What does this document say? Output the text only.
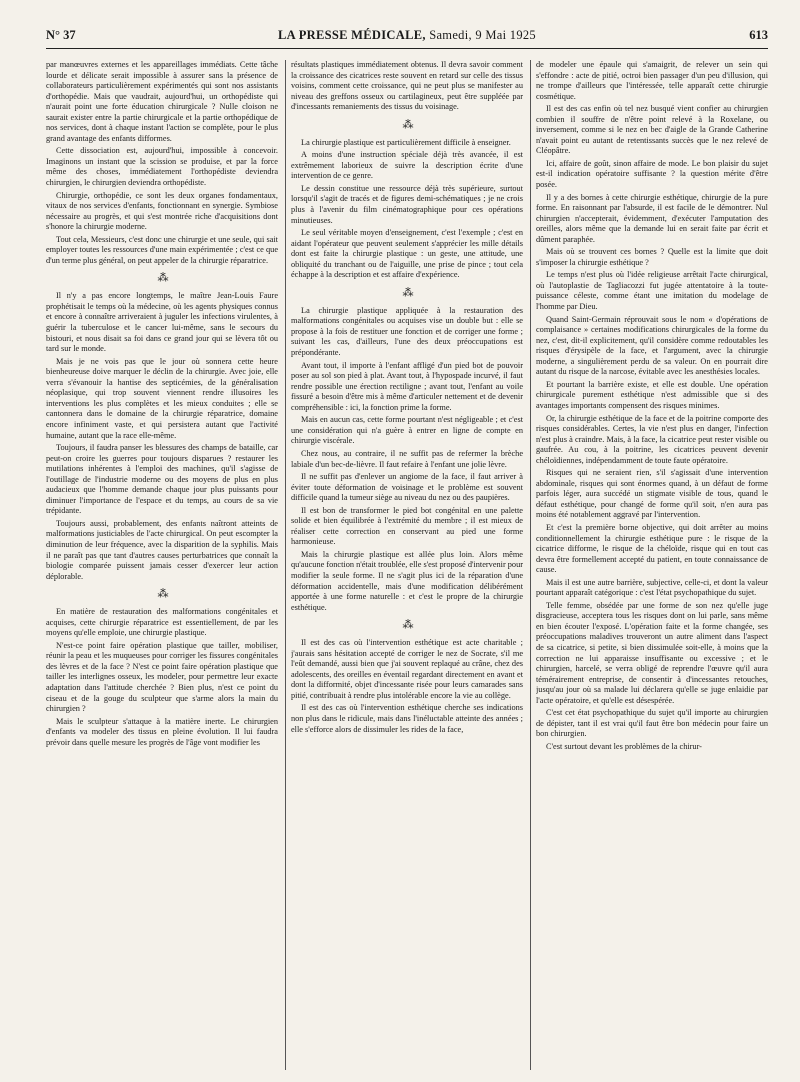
N° 37	LA PRESSE MÉDICALE, Samedi, 9 Mai 1925	613

par manœuvres externes et les appareillages immédiats. Cette tâche lourde et délicate serait impossible à assurer sans la présence de collaborateurs particulièrement expérimentés qui sont nos assistants d'orthopédie. Mais que vaudrait, aujourd'hui, un orthopédiste qui n'aurait point une forte éducation chirurgicale ? Nulle cloison ne saurait exister entre la partie chirurgicale et la partie orthopédique de nos services, dont à chaque instant l'action se complète, pour le plus grand avantage des enfants difformes.

Cette dissociation est, aujourd'hui, impossible à concevoir. Imaginons un instant que la scission se produise, et par la force même des choses, immédiatement l'orthopédiste deviendra chirurgien, le chirurgien deviendra orthopédiste.

Chirurgie, orthopédie, ce sont les deux organes fondamentaux, vitaux de nos services d'enfants, fonctionnant en synergie. Symbiose nécessaire au progrès, et qui s'est montrée riche d'acquisitions dont s'honore la chirurgie moderne.

Tout cela, Messieurs, c'est donc une chirurgie et une seule, qui sait employer toutes les ressources d'une main expérimentée ; c'est ce que d'un terme plus général, on peut appeler de la chirurgie réparatrice.

⁂

Il n'y a pas encore longtemps, le maître Jean-Louis Faure prophétisait le temps où la médecine, où les agents physiques connus et encore à connaître arriveraient à juguler les infections virulentes, à guérir la tuberculose et le cancer lui-même, sans le secours du bistouri, et nous disait sa foi dans ce grand jour qui se lèvera tôt ou tard sur le monde.

Mais je ne vois pas que le jour où sonnera cette heure bienheureuse doive marquer le déclin de la chirurgie. Avec joie, elle verra s'évanouir la hantise des septicémies, de la généralisation néoplasique, qui trop souvent viennent rendre illusoires les interventions les plus complètes et les mieux conduites ; elle se cantonnera dans le domaine de la chirurgie réparatrice, domaine encore infiniment vaste, et qui persistera autant que l'activité humaine, autant que la race elle-même.

Toujours, il faudra panser les blessures des champs de bataille, car peut-on croire les guerres pour toujours disparues ? restaurer les mutilations inhérentes à l'emploi des machines, qu'il s'agisse de l'outillage de l'industrie moderne ou des moyens de plus en plus audacieux que l'homme demande chaque jour plus puissants pour diminuer l'importance de l'espace et du temps, au cours de sa vie trépidante.

Toujours aussi, probablement, des enfants naîtront atteints de malformations justiciables de l'acte chirurgical. On peut escompter la diminution de leur fréquence, avec la disparition de la syphilis. Mais il ne paraît pas que tant d'autres causes perturbatrices que connaît la biologie comparée puissent jamais cesser d'exercer leur action déplorable.

⁂

En matière de restauration des malformations congénitales et acquises, cette chirurgie réparatrice est essentiellement, de par les moyens qu'elle emploie, une chirurgie plastique.

N'est-ce point faire opération plastique que tailler, mobiliser, réunir la peau et les muqueuses pour corriger les fissures congénitales des lèvres et de la face ? N'est ce point faire opération plastique que tailler les interlignes osseux, les modeler, pour permettre leur exacte adaptation dans l'attitude cherchée ? Bien plus, n'est ce point du ciseau et de la gouge du sculpteur que s'arme alors la main du chirurgien ?

Mais le sculpteur s'attaque à la matière inerte. Le chirurgien d'enfants va modeler des tissus en pleine évolution. Il lui faudra prévoir dans quelle mesure les progrès de l'âge vont modifier les

résultats plastiques immédiatement obtenus. Il devra savoir comment la croissance des cicatrices reste souvent en retard sur celle des tissus voisins, comment cette croissance, qui ne peut plus se manifester au niveau des greffons osseux ou cartilagineux, peut être suppléée par d'incessants remaniements des tissus du voisinage.

⁂

La chirurgie plastique est particulièrement difficile à enseigner.

A moins d'une instruction spéciale déjà très avancée, il est extrêmement laborieux de suivre la description écrite d'une intervention de ce genre.

Le dessin constitue une ressource déjà très supérieure, surtout lorsqu'il s'agit de tracés et de figures demi-schématiques ; je ne crois plus à l'avenir du film cinématographique pour ces opérations minutieuses.

Le seul véritable moyen d'enseignement, c'est l'exemple ; c'est en aidant l'opérateur que peuvent seulement s'apprécier les mille détails dont est faite la chirurgie plastique : un geste, une attitude, une obliquité du tranchant ou de l'aiguille, une prise de pince ; tout cela échappe à la description et est affaire d'expérience.

⁂

La chirurgie plastique appliquée à la restauration des malformations congénitales ou acquises vise un double but : elle se propose à la fois de restituer une fonction et de corriger une forme ; suivant les cas, d'ailleurs, l'une des deux préoccupations est prépondérante.

Avant tout, il importe à l'enfant affligé d'un pied bot de pouvoir poser au sol son pied à plat. Avant tout, à l'hypospade incurvé, il faut rendre possible une érection rectiligne ; avant tout, l'enfant au voile fissuré a besoin d'être mis à même d'articuler nettement et de devenir compréhensible : ici, la fonction prime la forme.

Mais en aucun cas, cette forme pourtant n'est négligeable ; et c'est une considération qui n'a guère à entrer en ligne de compte en chirurgie viscérale.

Chez nous, au contraire, il ne suffit pas de refermer la brèche labiale d'un bec-de-lièvre. Il faut refaire à l'enfant une jolie lèvre.

Il ne suffit pas d'enlever un angiome de la face, il faut arriver à éviter toute déformation de voisinage et le problème est souvent difficile quand la tumeur siège au niveau du nez ou des paupières.

Il est bon de transformer le pied bot congénital en une palette solide et bien équilibrée à l'extrémité du membre ; il est mieux de réaliser cette correction en conservant au pied une forme harmonieuse.

Mais la chirurgie plastique est allée plus loin. Alors même qu'aucune fonction n'était troublée, elle s'est proposé d'intervenir pour modifier la seule forme. Il ne s'agit plus ici de la réparation d'une déformation accidentelle, mais d'une modification délibérément apportée à une forme naturelle : et c'est le propre de la chirurgie esthétique.

⁂

Il est des cas où l'intervention esthétique est acte charitable ; j'aurais sans hésitation accepté de corriger le nez de Socrate, s'il me l'eût demandé, aussi bien que j'ai souvent replaqué au crâne, chez des adolescents, des oreilles en éventail regardant directement en avant et dont la difformité, objet d'incessante risée pour leurs camarades sans pitié, contribuait à rendre plus intolérable encore la vie au collège.

Il est des cas où l'intervention esthétique cherche ses indications non plus dans le ridicule, mais dans l'inéluctable atteinte des années ; elle s'efforce alors de dissimuler les rides de la face,

de modeler une épaule qui s'amaigrit, de relever un sein qui s'effondre : acte de pitié, octroi bien passager d'un peu d'illusion, qui ne trompe d'ailleurs que l'intéressée, telle apparaît cette chirurgie cosmétique.

Il est des cas enfin où tel nez busqué vient confier au chirurgien combien il souffre de n'être point relevé à la Roxelane, ou inversement, comme si le nez en bec d'aigle de la Grande Catherine n'avait point eu autant de retentissants succès que le nez relevé de Cléopâtre.

Ici, affaire de goût, sinon affaire de mode. Le bon plaisir du sujet est-il indication opératoire suffisante ? la question mérite d'être posée.

Il y a des bornes à cette chirurgie esthétique, chirurgie de la pure forme. En raisonnant par l'absurde, il est facile de le démontrer. Nul chirurgien n'accepterait, évidemment, d'exécuter l'amputation des oreilles, alors même que la demande lui en serait faite par écrit et dûment paraphée.

Mais où se trouvent ces bornes ? Quelle est la limite que doit s'imposer la chirurgie esthétique ?

Le temps n'est plus où l'idée religieuse arrêtait l'acte chirurgical, où l'autoplastie de Tagliacozzi fut jugée attentatoire à la toute-puissance céleste, comme étant une imitation du modelage de l'homme par Dieu.

Quand Saint-Germain réprouvait sous le nom « d'opérations de complaisance » certaines modifications chirurgicales de la forme du nez, c'est, dit-il explicitement, qu'il considère comme redoutables les risques d'érysipèle de la face, et l'argument, avec la chirurgie moderne, a singulièrement perdu de sa valeur. On en pourrait dire autant du risque de la narcose, évitable avec les anesthésies locales.

Et pourtant la barrière existe, et elle est double. Une opération chirurgicale purement esthétique n'est admissible que si des avantages importants compensent des risques minimes.

Or, la chirurgie esthétique de la face et de la poitrine comporte des risques considérables. Certes, la vie n'est plus en danger, l'infection n'est plus à craindre. Mais, à la face, la cicatrice peut rester visible ou gaufrée. Au cou, à la poitrine, les cicatrices peuvent devenir chéloïdiennes, indépendamment de toute faute opératoire.

Risques qui ne seraient rien, s'il s'agissait d'une intervention abdominale, risques qui sont énormes quand, à un défaut de forme parfois léger, aura succédé un stigmate visible de tous, quand le défaut esthétique, pour changé de forme qu'il soit, n'en aura pas moins été notablement aggravé par l'intervention.

Et c'est la première borne objective, qui doit arrêter au moins conditionnellement la chirurgie esthétique pure : le risque de la cicatrice difforme, le risque de la chéloïde, risque qui en tout cas devra être formellement accepté du patient, en toute connaissance de cause.

Mais il est une autre barrière, subjective, celle-ci, et dont la valeur pourtant apparaît catégorique : c'est l'état psychopathique du sujet.

Telle femme, obsédée par une forme de son nez qu'elle juge disgracieuse, acceptera tous les risques dont on lui parle, sans même en bien écouter l'exposé. L'opération faite et la forme changée, ses préoccupations maladives trouveront un autre aliment dans l'aspect de sa cicatrice, si petite, si bien dissimulée soit-elle, à moins que la correction ne lui apparaisse insuffisante ou excessive ; et le chirurgien, harcelé, se verra obligé de reprendre l'œuvre qu'il aura témérairement entreprise, de consentir à d'incessantes retouches, jusqu'au jour où sa malade lui déclarera qu'elle se juge enlaidie par l'acte opératoire, et qu'elle est désespérée.

C'est cet état psychopathique du sujet qu'il importe au chirurgien de dépister, tant il est vrai qu'il faut être bon médecin pour faire un bon chirurgien.

C'est surtout devant les problèmes de la chirur-
